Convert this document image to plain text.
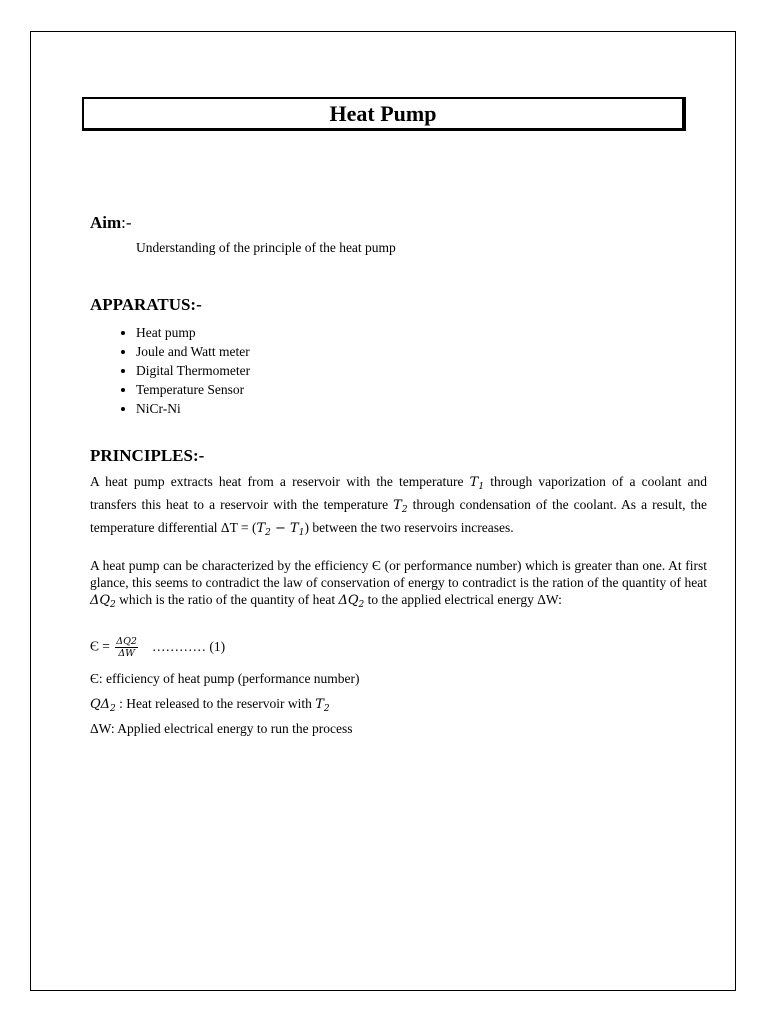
Heat Pump
Aim:-
Understanding of the principle of the heat pump
APPARATUS:-
• Heat pump
• Joule and Watt meter
• Digital Thermometer
• Temperature Sensor
• NiCr-Ni
PRINCIPLES:-

A heat pump extracts heat from a reservoir with the temperature $T_1$ through vaporization of a coolant and transfers this heat to a reservoir with the temperature $T_2$ through condensation of the coolant. As a result, the temperature differential $\Delta T = (T_2 - T_1)$ between the two reservoirs increases.

A heat pump can be characterized by the efficiency Є (or performance number) which is greater than one. At first glance, this seems to contradict the law of conservation of energy to contradict is the ration of the quantity of heat $\Delta Q_2$ which is the ratio of the quantity of heat $\Delta Q_2$ to the applied electrical energy ΔW:

$Є = \frac{\Delta Q2}{\Delta W}$ ………… (1)
Є: efficiency of heat pump (performance number)
$Q\Delta_2$ : Heat released to the reservoir with $T_2$
ΔW: Applied electrical energy to run the process
